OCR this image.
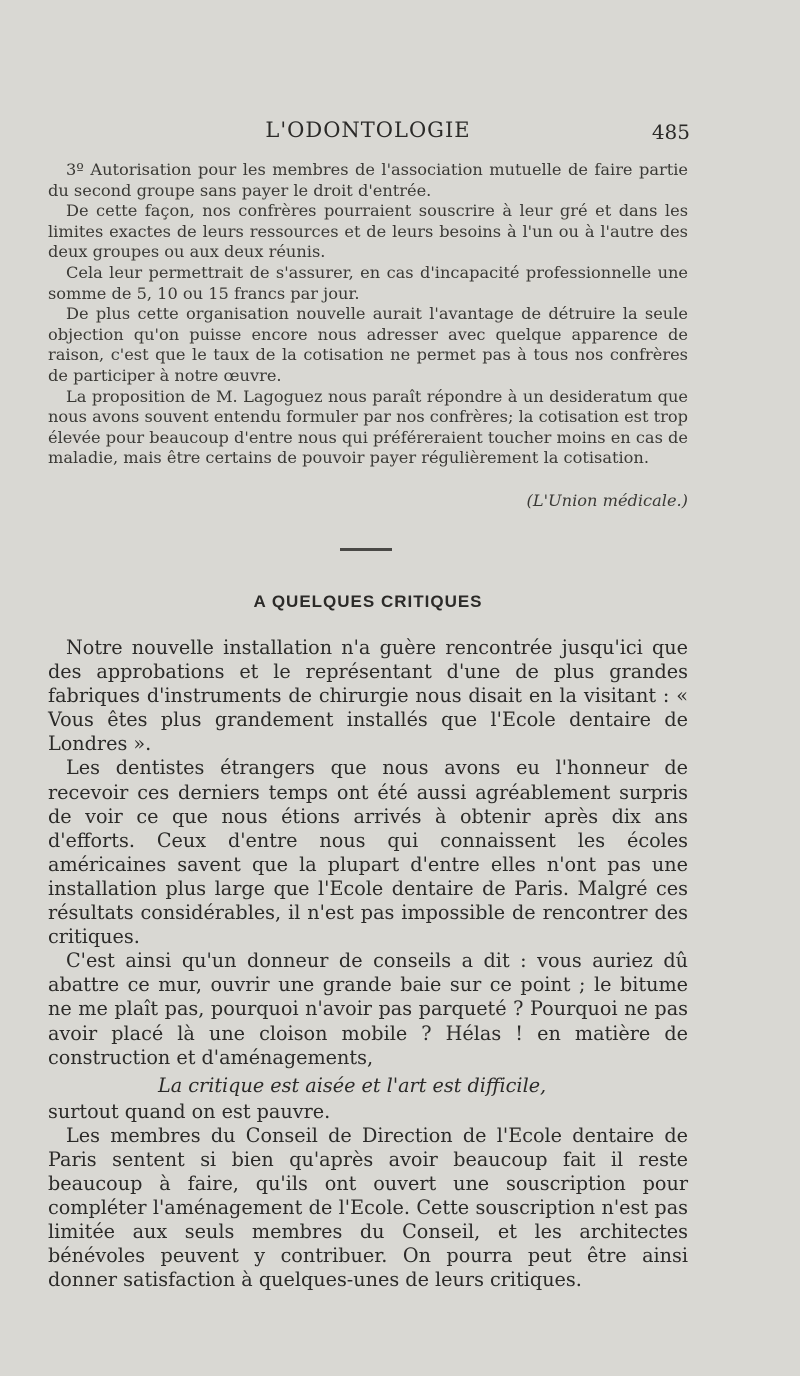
L'ODONTOLOGIE	485

3º Autorisation pour les membres de l'association mutuelle de faire partie du second groupe sans payer le droit d'entrée.

De cette façon, nos confrères pourraient souscrire à leur gré et dans les limites exactes de leurs ressources et de leurs besoins à l'un ou à l'autre des deux groupes ou aux deux réunis.

Cela leur permettrait de s'assurer, en cas d'incapacité professionnelle une somme de 5, 10 ou 15 francs par jour.

De plus cette organisation nouvelle aurait l'avantage de détruire la seule objection qu'on puisse encore nous adresser avec quelque apparence de raison, c'est que le taux de la cotisation ne permet pas à tous nos confrères de participer à notre œuvre.

La proposition de M. Lagoguez nous paraît répondre à un desideratum que nous avons souvent entendu formuler par nos confrères; la cotisation est trop élevée pour beaucoup d'entre nous qui préféreraient toucher moins en cas de maladie, mais être certains de pouvoir payer régulièrement la cotisation.

(L'Union médicale.)

A QUELQUES CRITIQUES

Notre nouvelle installation n'a guère rencontrée jusqu'ici que des approbations et le représentant d'une de plus grandes fabriques d'instruments de chirurgie nous disait en la visitant : « Vous êtes plus grandement installés que l'Ecole dentaire de Londres ».

Les dentistes étrangers que nous avons eu l'honneur de recevoir ces derniers temps ont été aussi agréablement surpris de voir ce que nous étions arrivés à obtenir après dix ans d'efforts. Ceux d'entre nous qui connaissent les écoles américaines savent que la plupart d'entre elles n'ont pas une installation plus large que l'Ecole dentaire de Paris. Malgré ces résultats considérables, il n'est pas impossible de rencontrer des critiques.

C'est ainsi qu'un donneur de conseils a dit : vous auriez dû abattre ce mur, ouvrir une grande baie sur ce point ; le bitume ne me plaît pas, pourquoi n'avoir pas parqueté ? Pourquoi ne pas avoir placé là une cloison mobile ? Hélas ! en matière de construction et d'aménagements,

La critique est aisée et l'art est difficile,

surtout quand on est pauvre.

Les membres du Conseil de Direction de l'Ecole dentaire de Paris sentent si bien qu'après avoir beaucoup fait il reste beaucoup à faire, qu'ils ont ouvert une souscription pour compléter l'aménagement de l'Ecole. Cette souscription n'est pas limitée aux seuls membres du Conseil, et les architectes bénévoles peuvent y contribuer. On pourra peut être ainsi donner satisfaction à quelques-unes de leurs critiques.
